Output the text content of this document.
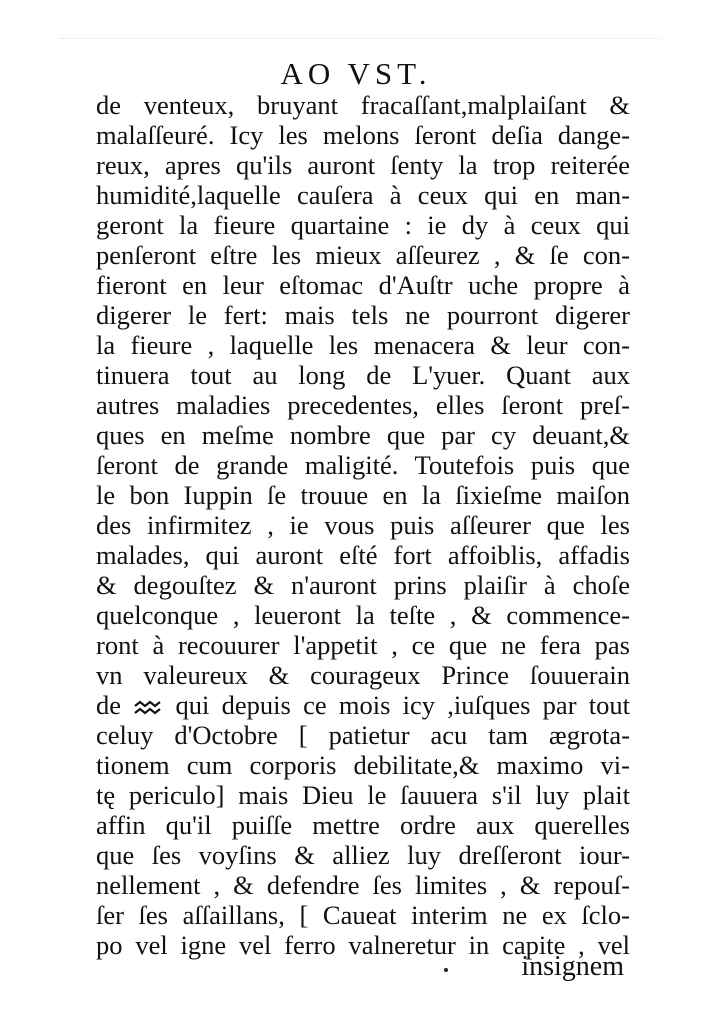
AO VST.
de venteux, bruyant fracaſſant,malplaiſant &
malaſſeuré. Icy les melons ſeront deſia dange-
reux, apres qu'ils auront ſenty la trop reiterée
humidité,laquelle cauſera à ceux qui en man-
geront la fieure quartaine : ie dy à ceux qui
penſeront eſtre les mieux aſſeurez , & ſe con-
fieront en leur eſtomac d'Auſtr uche propre à
digerer le fert: mais tels ne pourront digerer
la fieure , laquelle les menacera & leur con-
tinuera tout au long de L'yuer. Quant aux
autres maladies precedentes, elles ſeront preſ-
ques en meſme nombre que par cy deuant,&
ſeront de grande maligité. Toutefois puis que
le bon Iuppin ſe trouue en la ſixieſme maiſon
des infirmitez , ie vous puis aſſeurer que les
malades, qui auront eſté fort affoiblis, affadis
& degouſtez & n'auront prins plaiſir à choſe
quelconque , leueront la teſte , & commence-
ront à recouurer l'appetit , ce que ne fera pas
vn valeureux & courageux Prince ſouuerain
de qui depuis ce mois icy ,iuſques par tout
celuy d'Octobre [ patietur acu tam ægrota-
tionem cum corporis debilitate,& maximo vi-
tę periculo] mais Dieu le ſauuera s'il luy plait
affin qu'il puiſſe mettre ordre aux querelles
que ſes voyſins & alliez luy dreſſeront iour-
nellement , & defendre ſes limites , & repouſ-
ſer ſes aſſaillans, [ Caueat interim ne ex ſclo-
po vel igne vel ferro valneretur in capite , vel
insignem
